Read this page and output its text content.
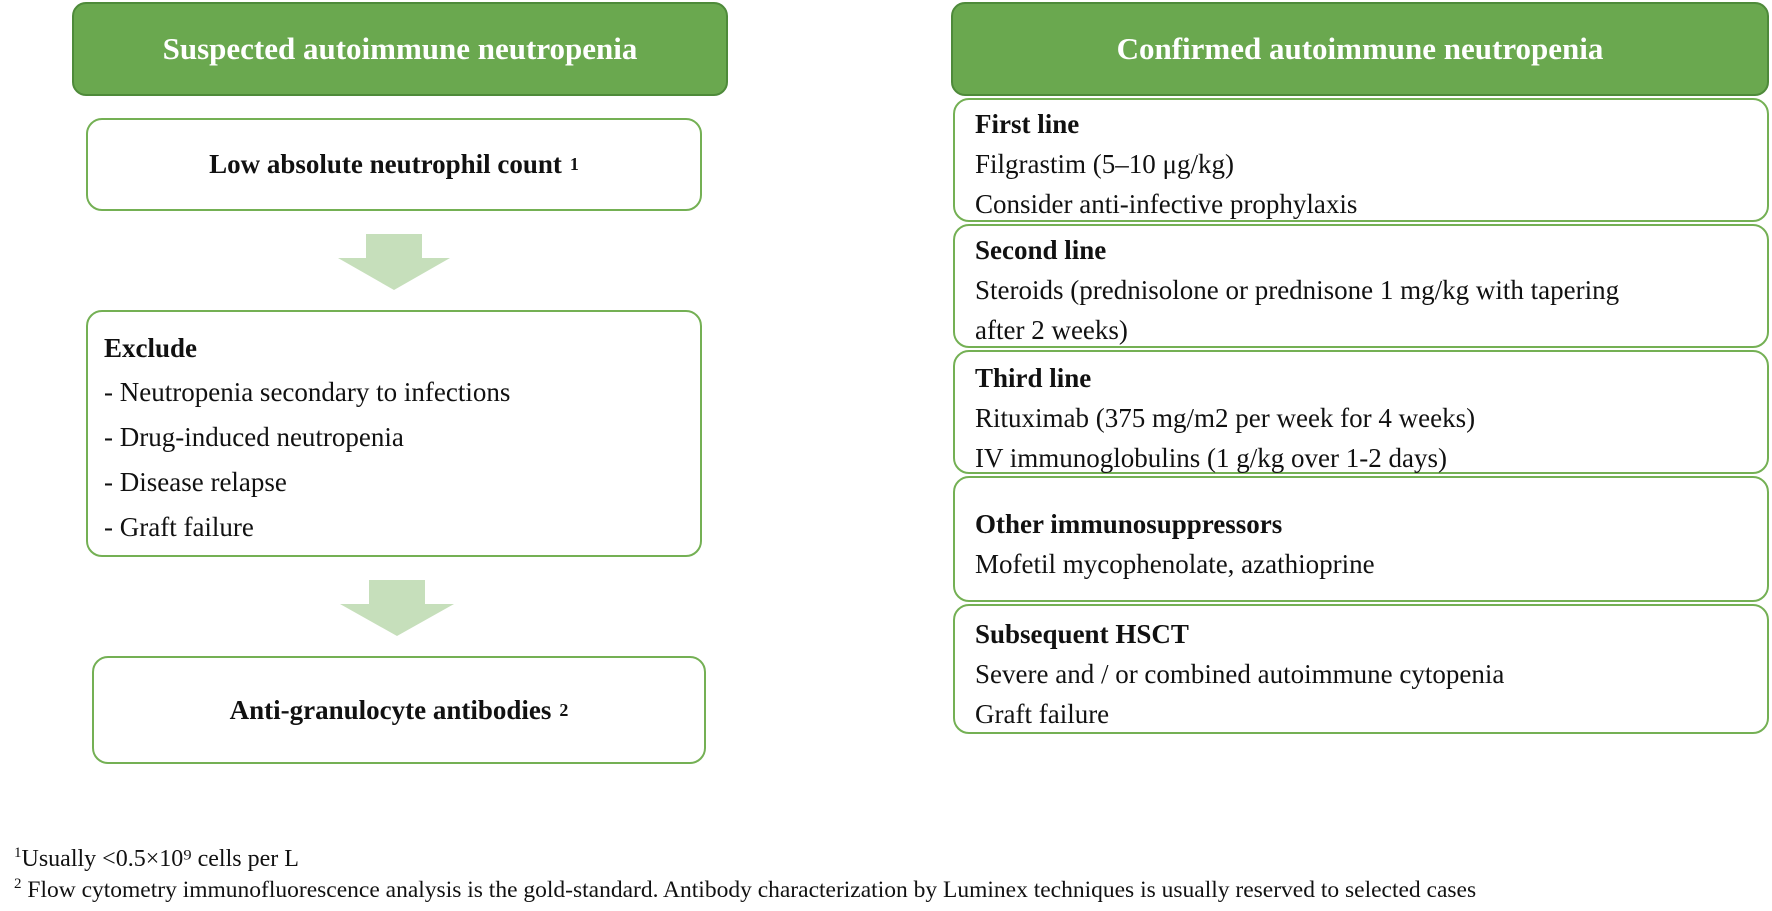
Suspected autoimmune neutropenia
Low absolute neutrophil count 1
Exclude
- Neutropenia secondary to infections
- Drug-induced neutropenia
- Disease relapse
- Graft failure
Anti-granulocyte antibodies 2
Confirmed autoimmune neutropenia
First line
Filgrastim (5–10 μg/kg)
Consider anti-infective prophylaxis
Second line
Steroids (prednisolone or prednisone 1 mg/kg with tapering
after 2 weeks)
Third line
Rituximab (375 mg/m2 per week for 4 weeks)
IV immunoglobulins (1 g/kg over 1-2 days)
Other immunosuppressors
Mofetil mycophenolate, azathioprine
Subsequent HSCT
Severe and / or combined autoimmune cytopenia
Graft failure
$^1$Usually <0.5×10⁹ cells per L
$^2$ Flow cytometry immunofluorescence analysis is the gold-standard. Antibody characterization by Luminex techniques is usually reserved to selected cases
